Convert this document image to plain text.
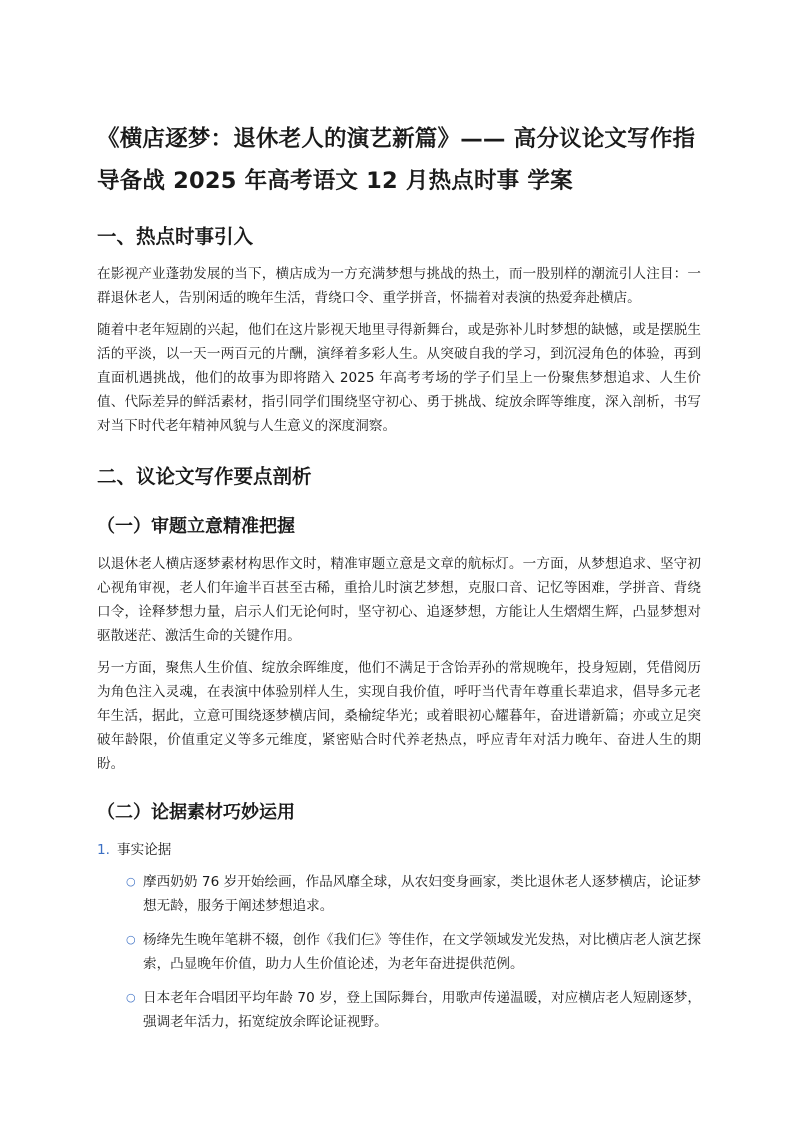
《横店逐梦：退休老人的演艺新篇》—— 高分议论文写作指导备战 2025 年高考语文 12 月热点时事 学案
一、热点时事引入

在影视产业蓬勃发展的当下，横店成为一方充满梦想与挑战的热土，而一股别样的潮流引人注目：一群退休老人，告别闲适的晚年生活，背绕口令、重学拼音，怀揣着对表演的热爱奔赴横店。

随着中老年短剧的兴起，他们在这片影视天地里寻得新舞台，或是弥补儿时梦想的缺憾，或是摆脱生活的平淡，以一天一两百元的片酬，演绎着多彩人生。从突破自我的学习，到沉浸角色的体验，再到直面机遇挑战，他们的故事为即将踏入 2025 年高考考场的学子们呈上一份聚焦梦想追求、人生价值、代际差异的鲜活素材，指引同学们围绕坚守初心、勇于挑战、绽放余晖等维度，深入剖析，书写对当下时代老年精神风貌与人生意义的深度洞察。

二、议论文写作要点剖析
（一）审题立意精准把握

以退休老人横店逐梦素材构思作文时，精准审题立意是文章的航标灯。一方面，从梦想追求、坚守初心视角审视，老人们年逾半百甚至古稀，重拾儿时演艺梦想，克服口音、记忆等困难，学拼音、背绕口令，诠释梦想力量，启示人们无论何时，坚守初心、追逐梦想，方能让人生熠熠生辉，凸显梦想对驱散迷茫、激活生命的关键作用。

另一方面，聚焦人生价值、绽放余晖维度，他们不满足于含饴弄孙的常规晚年，投身短剧，凭借阅历为角色注入灵魂，在表演中体验别样人生，实现自我价值，呼吁当代青年尊重长辈追求，倡导多元老年生活，据此，立意可围绕逐梦横店间，桑榆绽华光；或着眼初心耀暮年，奋进谱新篇；亦或立足突破年龄限，价值重定义等多元维度，紧密贴合时代养老热点，呼应青年对活力晚年、奋进人生的期盼。

（二）论据素材巧妙运用
1. 事实论据
○ 摩西奶奶 76 岁开始绘画，作品风靡全球，从农妇变身画家，类比退休老人逐梦横店，论证梦想无龄，服务于阐述梦想追求。
○ 杨绛先生晚年笔耕不辍，创作《我们仨》等佳作，在文学领域发光发热，对比横店老人演艺探索，凸显晚年价值，助力人生价值论述，为老年奋进提供范例。
○ 日本老年合唱团平均年龄 70 岁，登上国际舞台，用歌声传递温暖，对应横店老人短剧逐梦，强调老年活力，拓宽绽放余晖论证视野。
